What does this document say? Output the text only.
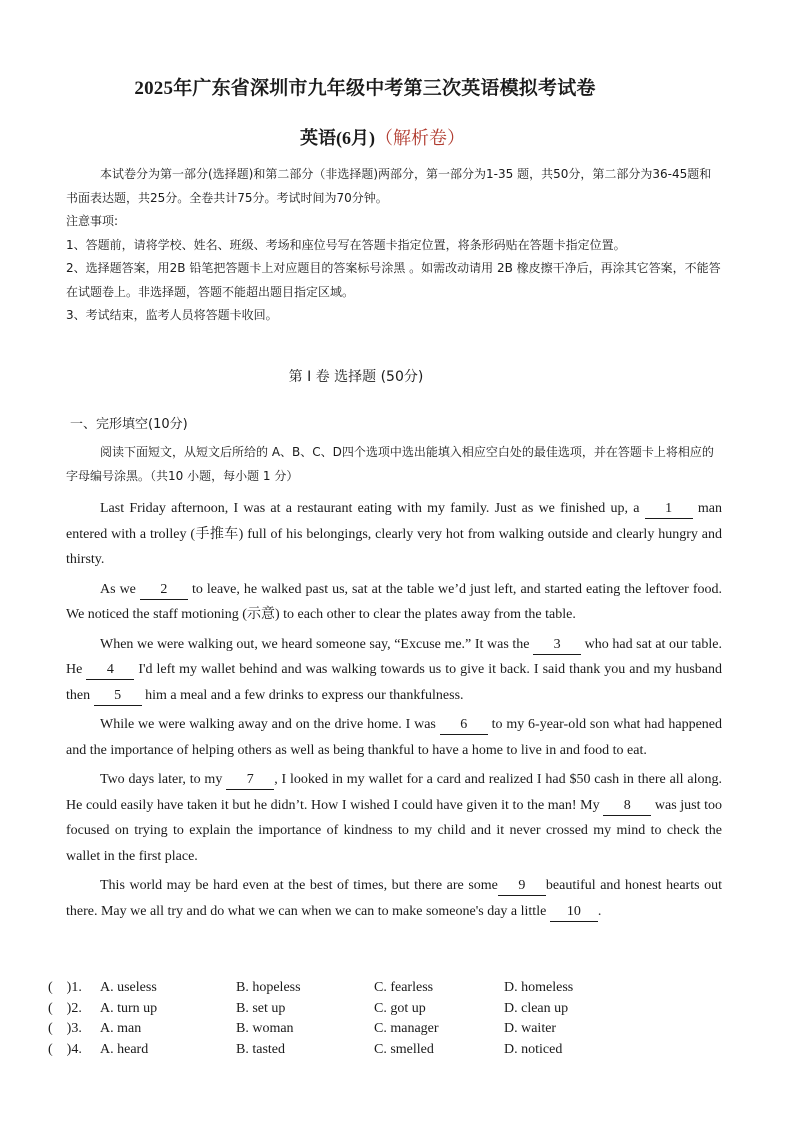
2025年广东省深圳市九年级中考第三次英语模拟考试卷
英语(6月)（解析卷）

本试卷分为第一部分(选择题)和第二部分（非选择题)两部分，第一部分为1-35 题，共50分，第二部分为36-45题和书面表达题，共25分。全卷共计75分。考试时间为70分钟。

注意事项:

1、答题前，请将学校、姓名、班级、考场和座位号写在答题卡指定位置，将条形码贴在答题卡指定位置。

2、选择题答案，用2B 铅笔把答题卡上对应题目的答案标号涂黑 。如需改动请用 2B 橡皮擦干净后，再涂其它答案，不能答在试题卷上。非选择题，答题不能超出题目指定区域。

3、考试结束，监考人员将答题卡收回。

第 I 卷 选择题 (50分)
一、完形填空(10分)

阅读下面短文，从短文后所给的 A、B、C、D四个选项中选出能填入相应空白处的最佳选项，并在答题卡上将相应的字母编号涂黑。（共10 小题，每小题 1 分）

Last Friday afternoon, I was at a restaurant eating with my family. Just as we finished up, a 1 man entered with a trolley (手推车) full of his belongings, clearly very hot from walking outside and clearly hungry and thirsty.

As we 2 to leave, he walked past us, sat at the table we’d just left, and started eating the leftover food. We noticed the staff motioning (示意) to each other to clear the plates away from the table.

When we were walking out, we heard someone say, “Excuse me.” It was the 3 who had sat at our table. He 4 I'd left my wallet behind and was walking towards us to give it back. I said thank you and my husband then 5 him a meal and a few drinks to express our thankfulness.

While we were walking away and on the drive home. I was 6 to my 6-year-old son what had happened and the importance of helping others as well as being thankful to have a home to live in and food to eat.

Two days later, to my 7 , I looked in my wallet for a card and realized I had $50 cash in there all along. He could easily have taken it but he didn’t. How I wished I could have given it to the man! My 8 was just too focused on trying to explain the importance of kindness to my child and it never crossed my mind to check the wallet in the first place.

This world may be hard even at the best of times, but there are some 9 beautiful and honest hearts out there. May we all try and do what we can when we can to make someone's day a little 10 .

(    )1.	A. useless	B. hopeless	C. fearless	D. homeless
(    )2.	A. turn up	B. set up	C. got up	D. clean up
(    )3.	A. man	B. woman	C. manager	D. waiter
(    )4.	A. heard	B. tasted	C. smelled	D. noticed
